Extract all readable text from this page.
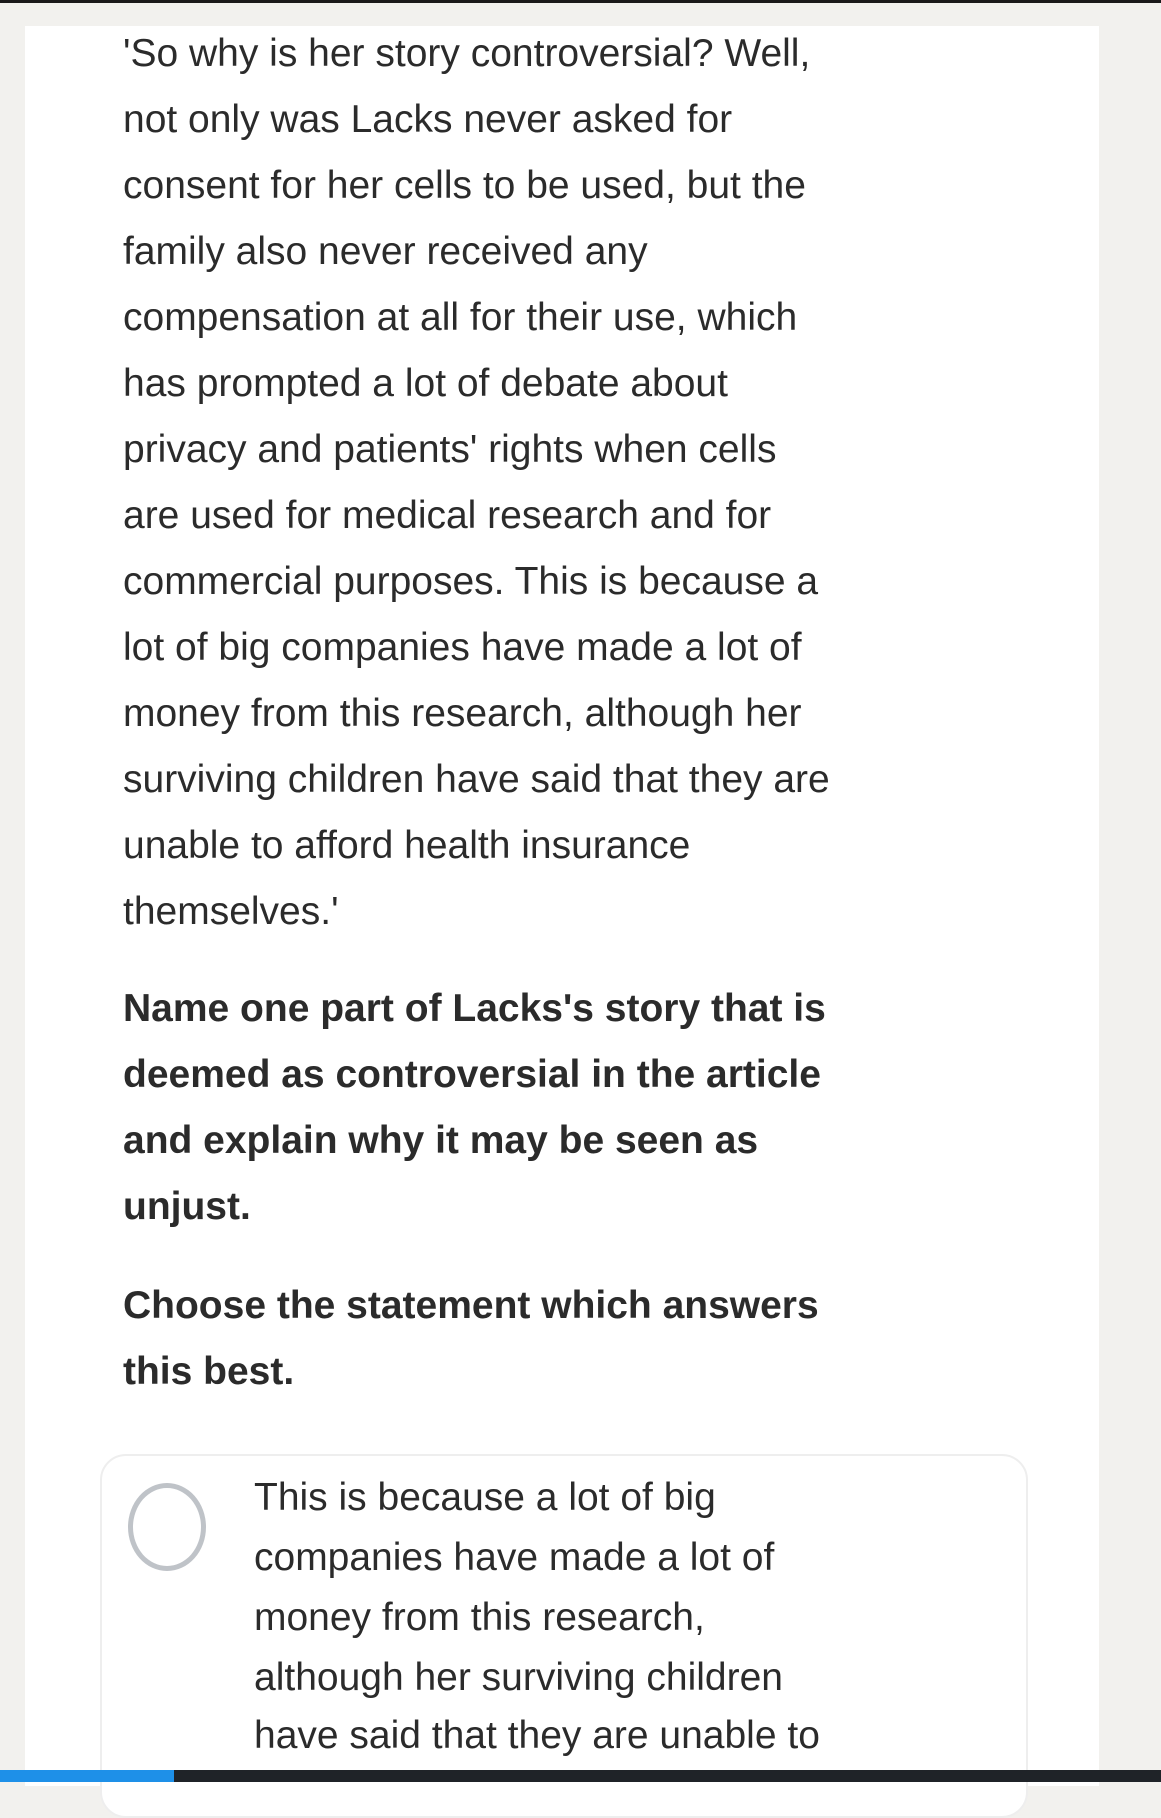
'So why is her story controversial? Well,
not only was Lacks never asked for
consent for her cells to be used, but the
family also never received any
compensation at all for their use, which
has prompted a lot of debate about
privacy and patients' rights when cells
are used for medical research and for
commercial purposes. This is because a
lot of big companies have made a lot of
money from this research, although her
surviving children have said that they are
unable to afford health insurance
themselves.'
Name one part of Lacks's story that is
deemed as controversial in the article
and explain why it may be seen as
unjust.
Choose the statement which answers
this best.
This is because a lot of big
companies have made a lot of
money from this research,
although her surviving children
have said that they are unable to
